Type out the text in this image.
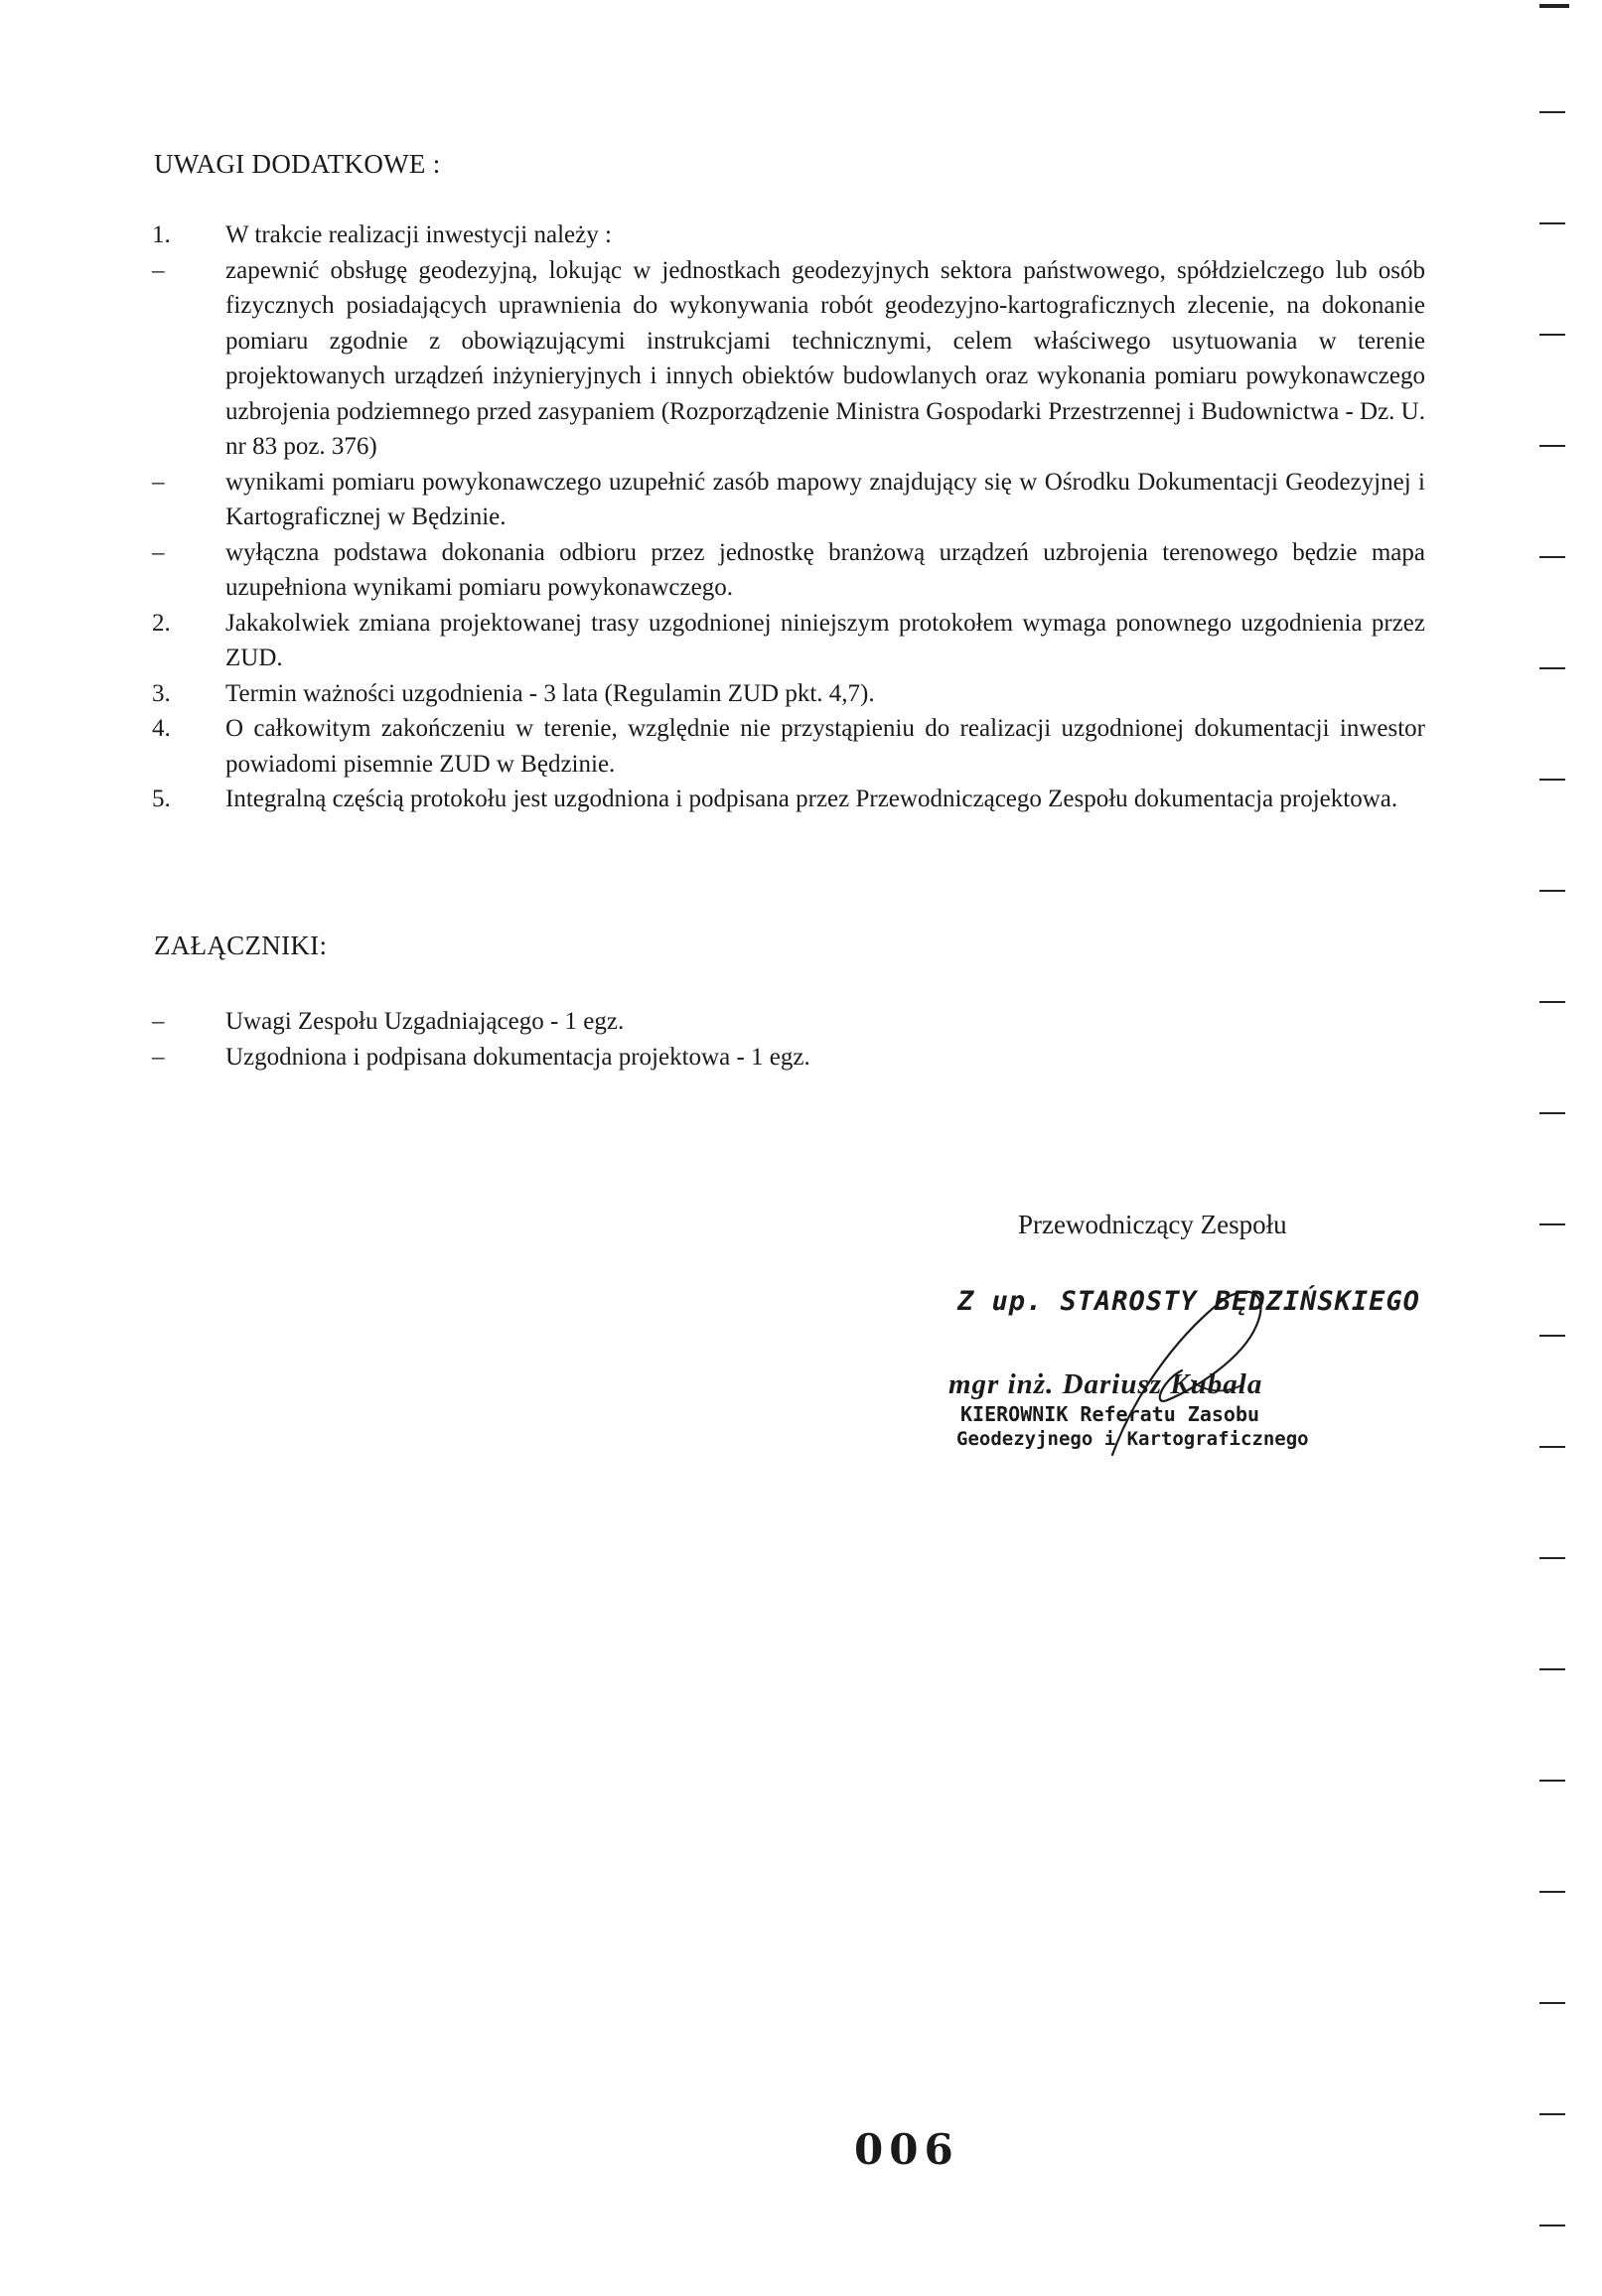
UWAGI DODATKOWE :
1.	W trakcie realizacji inwestycji należy :
–	zapewnić obsługę geodezyjną, lokując w jednostkach geodezyjnych sektora państwowego, spółdzielczego lub osób fizycznych posiadających uprawnienia do wykonywania robót geodezyjno-kartograficznych zlecenie, na dokonanie pomiaru zgodnie z obowiązującymi instrukcjami technicznymi, celem właściwego usytuowania w terenie projektowanych urządzeń inżynieryjnych i innych obiektów budowlanych oraz wykonania pomiaru powykonawczego uzbrojenia podziemnego przed zasypaniem (Rozporządzenie Ministra Gospodarki Przestrzennej i Budownictwa - Dz. U. nr 83 poz. 376)
–	wynikami pomiaru powykonawczego uzupełnić zasób mapowy znajdujący się w Ośrodku Dokumentacji Geodezyjnej i Kartograficznej w Będzinie.
–	wyłączna podstawa dokonania odbioru przez jednostkę branżową urządzeń uzbrojenia terenowego będzie mapa uzupełniona wynikami pomiaru powykonawczego.
2.	Jakakolwiek zmiana projektowanej trasy uzgodnionej niniejszym protokołem wymaga ponownego uzgodnienia przez ZUD.
3.	Termin ważności uzgodnienia - 3 lata (Regulamin ZUD pkt. 4,7).
4.	O całkowitym zakończeniu w terenie, względnie nie przystąpieniu do realizacji uzgodnionej dokumentacji inwestor powiadomi pisemnie ZUD w Będzinie.
5.	Integralną częścią protokołu jest uzgodniona i podpisana przez Przewodniczącego Zespołu dokumentacja projektowa.
ZAŁĄCZNIKI:
–	Uwagi Zespołu Uzgadniającego - 1 egz.
–	Uzgodniona i podpisana dokumentacja projektowa - 1 egz.
Przewodniczący Zespołu
Z up. STAROSTY BĘDZIŃSKIEGO
mgr inż. Dariusz Kubala
KIEROWNIK Referatu Zasobu
Geodezyjnego i Kartograficznego
006
